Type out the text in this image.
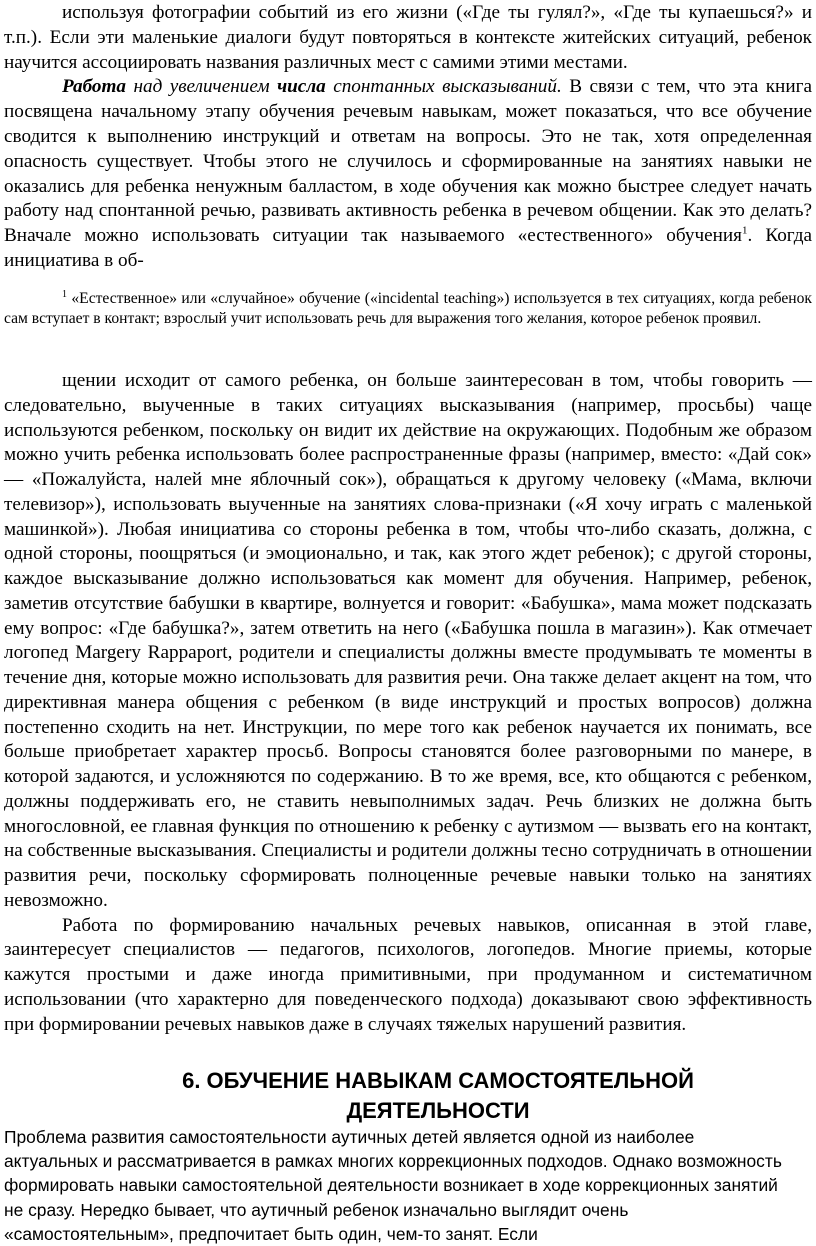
используя фотографии событий из его жизни («Где ты гулял?», «Где ты купаешься?» и т.п.). Если эти маленькие диалоги будут повторяться в контексте житейских ситуаций, ребенок научится ассоциировать названия различных мест с самими этими местами.

Работа над увеличением числа спонтанных высказываний. В связи с тем, что эта книга посвящена начальному этапу обучения речевым навыкам, может показаться, что все обучение сводится к выполнению инструкций и ответам на вопросы. Это не так, хотя определенная опасность существует. Чтобы этого не случилось и сформированные на занятиях навыки не оказались для ребенка ненужным балластом, в ходе обучения как можно быстрее следует начать работу над спонтанной речью, развивать активность ребенка в речевом общении. Как это делать? Вначале можно использовать ситуации так называемого «естественного» обучения$^1$. Когда инициатива в об-

$^1$ «Естественное» или «случайное» обучение («incidental teaching») используется в тех ситуациях, когда ребенок сам вступает в контакт; взрослый учит использовать речь для выражения того желания, которое ребенок проявил.

щении исходит от самого ребенка, он больше заинтересован в том, чтобы говорить — следовательно, выученные в таких ситуациях высказывания (например, просьбы) чаще используются ребенком, поскольку он видит их действие на окружающих. Подобным же образом можно учить ребенка использовать более распространенные фразы (например, вместо: «Дай сок» — «Пожалуйста, налей мне яблочный сок»), обращаться к другому человеку («Мама, включи телевизор»), использовать выученные на занятиях слова-признаки («Я хочу играть с маленькой машинкой»). Любая инициатива со стороны ребенка в том, чтобы что-либо сказать, должна, с одной стороны, поощряться (и эмоционально, и так, как этого ждет ребенок); с другой стороны, каждое высказывание должно использоваться как момент для обучения. Например, ребенок, заметив отсутствие бабушки в квартире, волнуется и говорит: «Бабушка», мама может подсказать ему вопрос: «Где бабушка?», затем ответить на него («Бабушка пошла в магазин»). Как отмечает логопед Margery Rappaport, родители и специалисты должны вместе продумывать те моменты в течение дня, которые можно использовать для развития речи. Она также делает акцент на том, что директивная манера общения с ребенком (в виде инструкций и простых вопросов) должна постепенно сходить на нет. Инструкции, по мере того как ребенок научается их понимать, все больше приобретает характер просьб. Вопросы становятся более разговорными по манере, в которой задаются, и усложняются по содержанию. В то же время, все, кто общаются с ребенком, должны поддерживать его, не ставить невыполнимых задач. Речь близких не должна быть многословной, ее главная функция по отношению к ребенку с аутизмом — вызвать его на контакт, на собственные высказывания. Специалисты и родители должны тесно сотрудничать в отношении развития речи, поскольку сформировать полноценные речевые навыки только на занятиях невозможно.

Работа по формированию начальных речевых навыков, описанная в этой главе, заинтересует специалистов — педагогов, психологов, логопедов. Многие приемы, которые кажутся простыми и даже иногда примитивными, при продуманном и систематичном использовании (что характерно для поведенческого подхода) доказывают свою эффективность при формировании речевых навыков даже в случаях тяжелых нарушений развития.

6. ОБУЧЕНИЕ НАВЫКАМ САМОСТОЯТЕЛЬНОЙ
ДЕЯТЕЛЬНОСТИ

Проблема развития самостоятельности аутичных детей является одной из наиболее актуальных и рассматривается в рамках многих коррекционных подходов. Однако возможность формировать навыки самостоятельной деятельности возникает в ходе коррекционных занятий не сразу. Нередко бывает, что аутичный ребенок изначально выглядит очень «самостоятельным», предпочитает быть один, чем-то занят. Если
